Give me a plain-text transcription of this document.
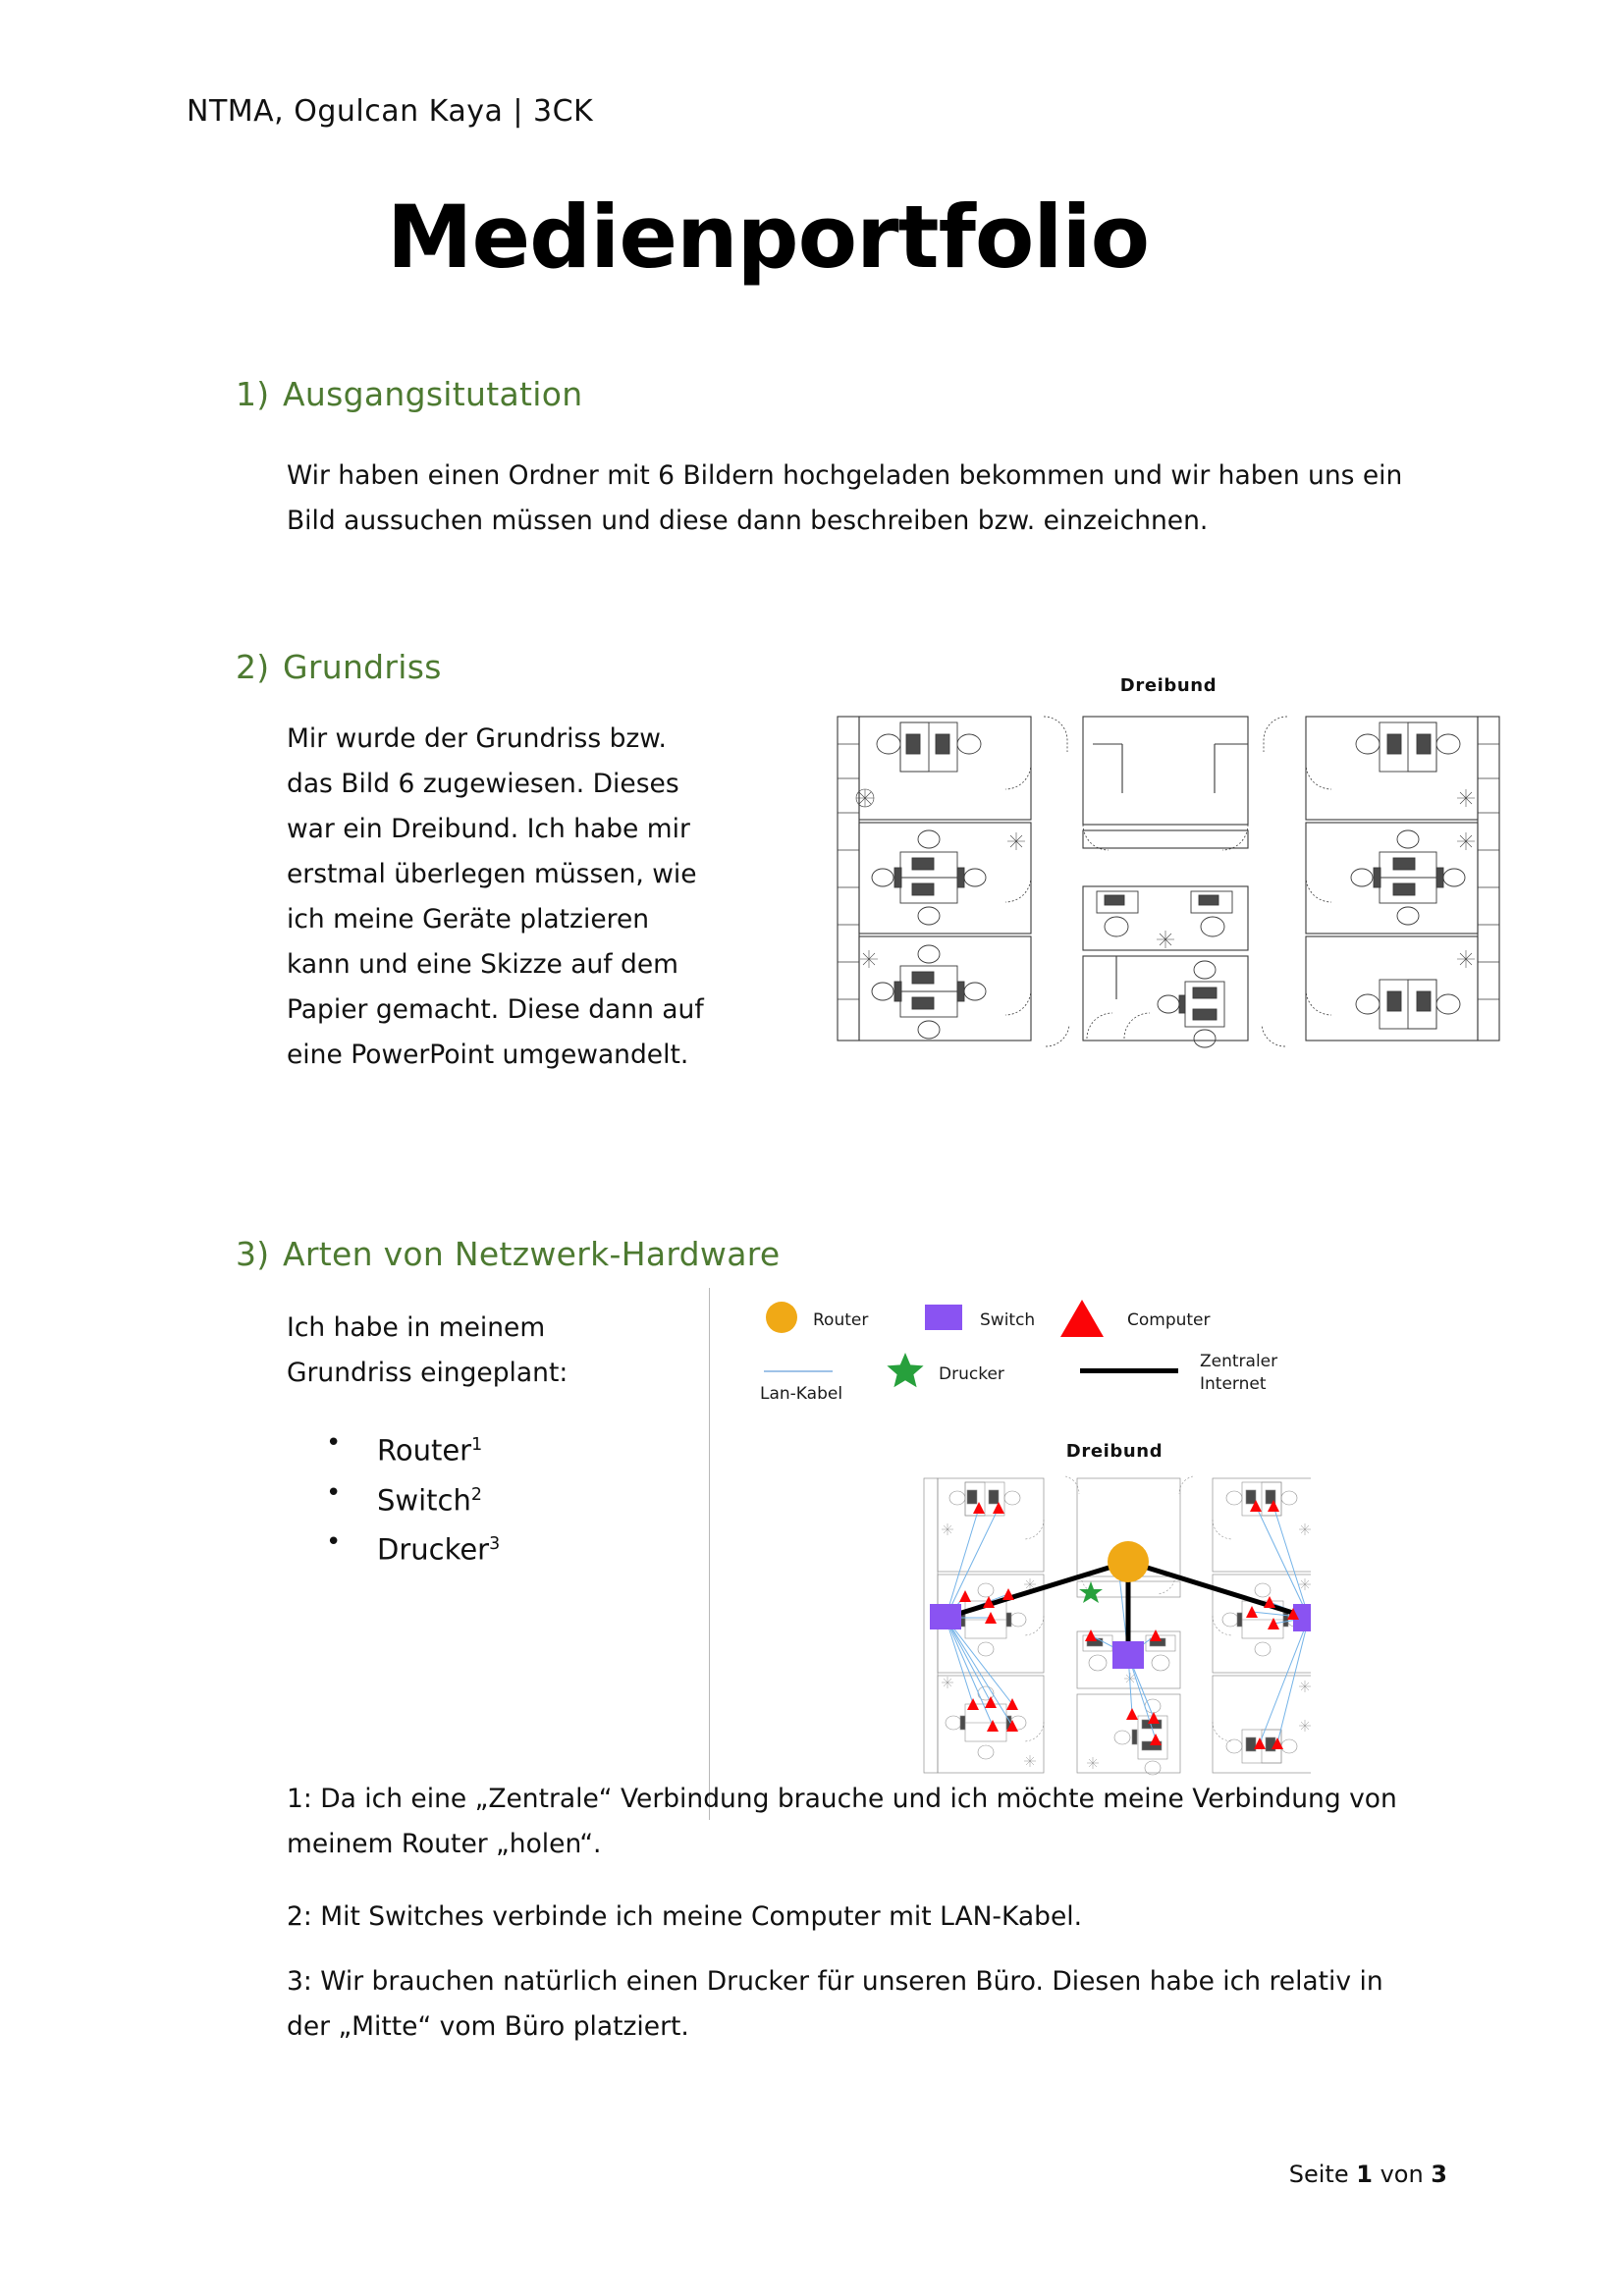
NTMA, Ogulcan Kaya | 3CK
Medienportfolio
1) Ausgangsitutation
Wir haben einen Ordner mit 6 Bildern hochgeladen bekommen und wir haben uns ein Bild aussuchen müssen und diese dann beschreiben bzw. einzeichnen.
2) Grundriss
Mir wurde der Grundriss bzw. das Bild 6 zugewiesen. Dieses war ein Dreibund. Ich habe mir erstmal überlegen müssen, wie ich meine Geräte platzieren kann und eine Skizze auf dem Papier gemacht. Diese dann auf eine PowerPoint umgewandelt.
Dreibund
3) Arten von Netzwerk-Hardware
Ich habe in meinem Grundriss eingeplant:
• Router$^1$
• Switch$^2$
• Drucker$^3$
Router	Switch	Computer
Lan-Kabel
Drucker
Zentraler Internet
Dreibund
1: Da ich eine „Zentrale“ Verbindung brauche und ich möchte meine Verbindung von meinem Router „holen“.
2: Mit Switches verbinde ich meine Computer mit LAN-Kabel.
3: Wir brauchen natürlich einen Drucker für unseren Büro. Diesen habe ich relativ in der „Mitte“ vom Büro platziert.
Seite 1 von 3
